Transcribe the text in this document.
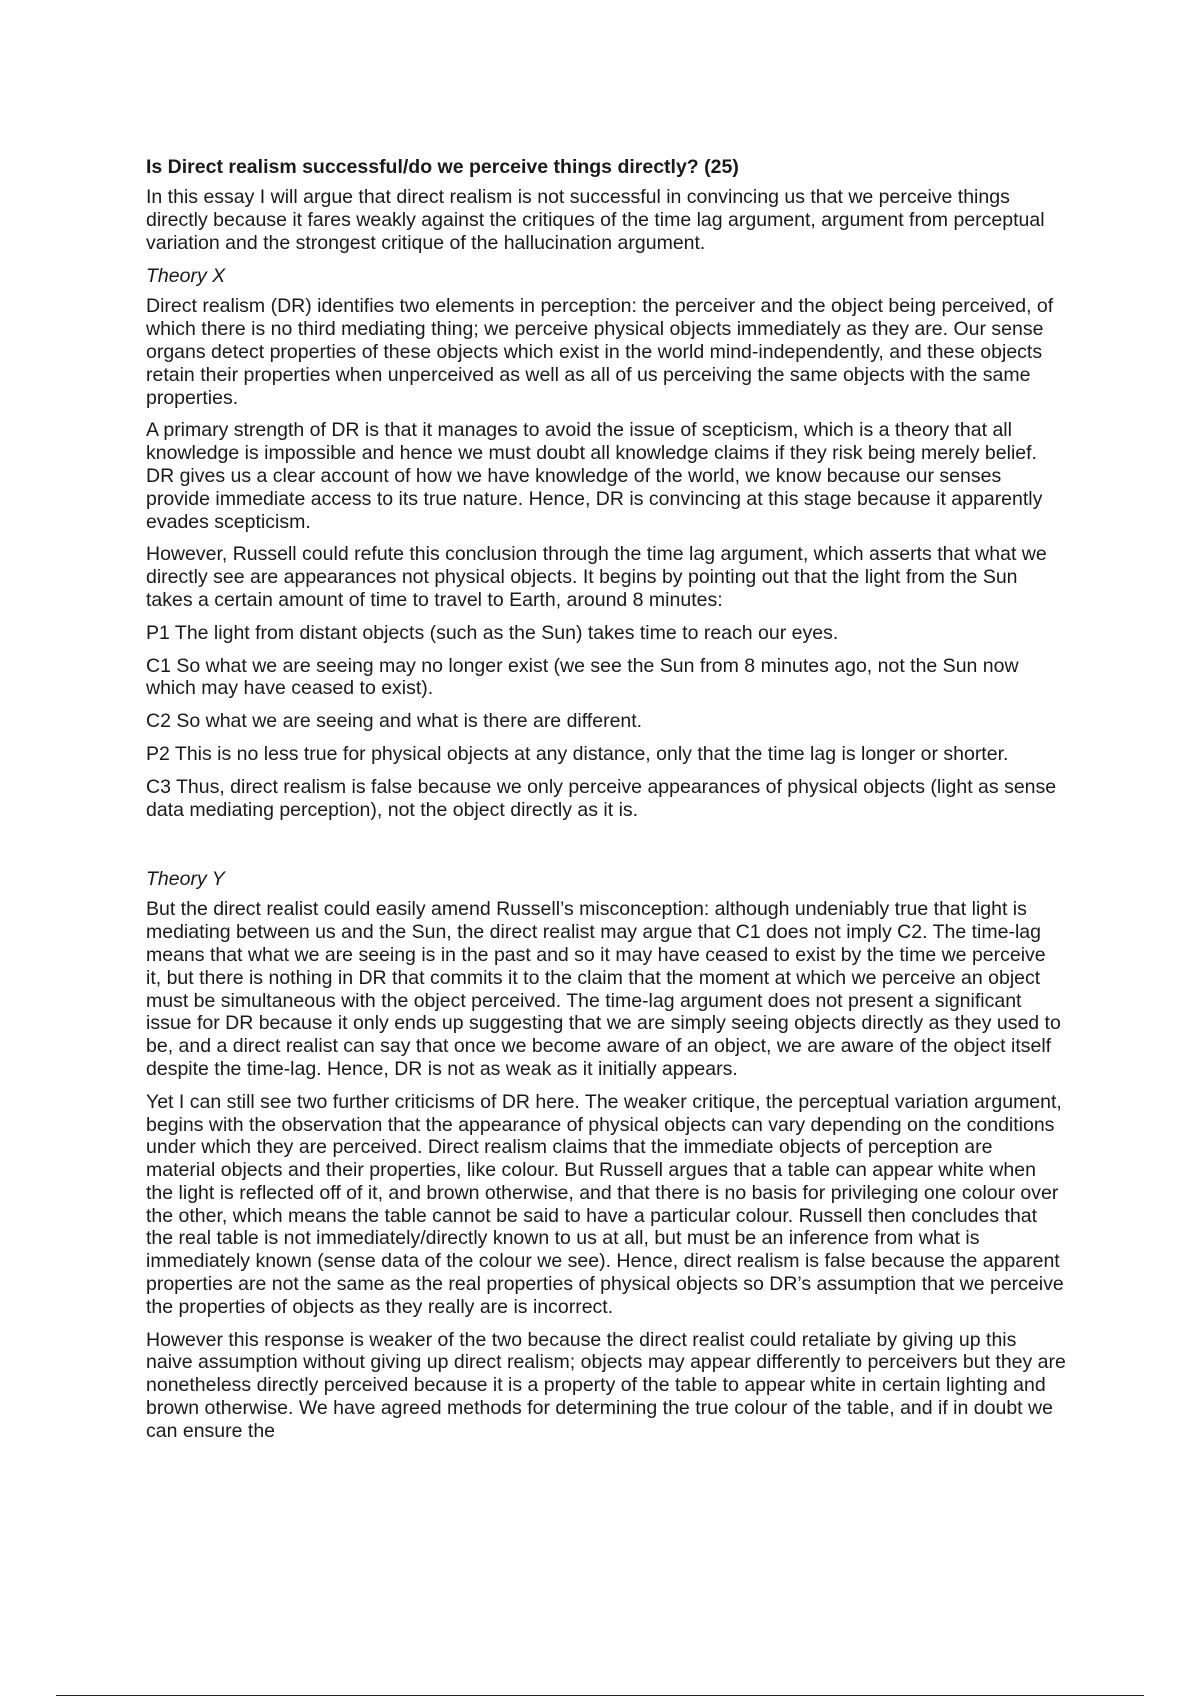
Is Direct realism successful/do we perceive things directly? (25)

In this essay I will argue that direct realism is not successful in convincing us that we perceive things directly because it fares weakly against the critiques of the time lag argument, argument from perceptual variation and the strongest critique of the hallucination argument.

Theory X

Direct realism (DR) identifies two elements in perception: the perceiver and the object being perceived, of which there is no third mediating thing; we perceive physical objects immediately as they are. Our sense organs detect properties of these objects which exist in the world mind-independently, and these objects retain their properties when unperceived as well as all of us perceiving the same objects with the same properties.

A primary strength of DR is that it manages to avoid the issue of scepticism, which is a theory that all knowledge is impossible and hence we must doubt all knowledge claims if they risk being merely belief. DR gives us a clear account of how we have knowledge of the world, we know because our senses provide immediate access to its true nature. Hence, DR is convincing at this stage because it apparently evades scepticism.

However, Russell could refute this conclusion through the time lag argument, which asserts that what we directly see are appearances not physical objects. It begins by pointing out that the light from the Sun takes a certain amount of time to travel to Earth, around 8 minutes:

P1 The light from distant objects (such as the Sun) takes time to reach our eyes.

C1 So what we are seeing may no longer exist (we see the Sun from 8 minutes ago, not the Sun now which may have ceased to exist).

C2 So what we are seeing and what is there are different.

P2 This is no less true for physical objects at any distance, only that the time lag is longer or shorter.

C3 Thus, direct realism is false because we only perceive appearances of physical objects (light as sense data mediating perception), not the object directly as it is.

Theory Y

But the direct realist could easily amend Russell’s misconception: although undeniably true that light is mediating between us and the Sun, the direct realist may argue that C1 does not imply C2. The time-lag means that what we are seeing is in the past and so it may have ceased to exist by the time we perceive it, but there is nothing in DR that commits it to the claim that the moment at which we perceive an object must be simultaneous with the object perceived. The time-lag argument does not present a significant issue for DR because it only ends up suggesting that we are simply seeing objects directly as they used to be, and a direct realist can say that once we become aware of an object, we are aware of the object itself despite the time-lag. Hence, DR is not as weak as it initially appears.

Yet I can still see two further criticisms of DR here. The weaker critique, the perceptual variation argument, begins with the observation that the appearance of physical objects can vary depending on the conditions under which they are perceived. Direct realism claims that the immediate objects of perception are material objects and their properties, like colour. But Russell argues that a table can appear white when the light is reflected off of it, and brown otherwise, and that there is no basis for privileging one colour over the other, which means the table cannot be said to have a particular colour. Russell then concludes that the real table is not immediately/directly known to us at all, but must be an inference from what is immediately known (sense data of the colour we see). Hence, direct realism is false because the apparent properties are not the same as the real properties of physical objects so DR’s assumption that we perceive the properties of objects as they really are is incorrect.

However this response is weaker of the two because the direct realist could retaliate by giving up this naive assumption without giving up direct realism; objects may appear differently to perceivers but they are nonetheless directly perceived because it is a property of the table to appear white in certain lighting and brown otherwise. We have agreed methods for determining the true colour of the table, and if in doubt we can ensure the
